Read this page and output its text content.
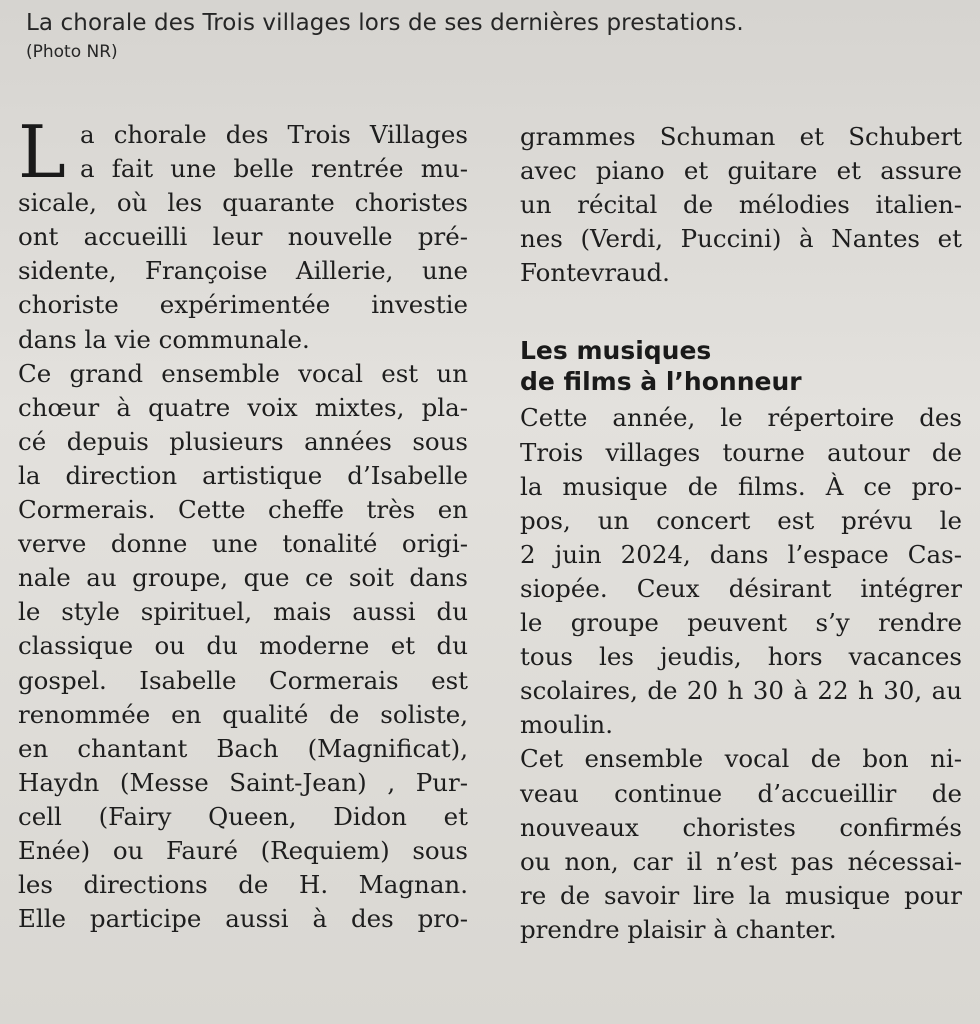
La chorale des Trois villages lors de ses dernières prestations.
(Photo NR)
L a chorale des Trois Villages
a fait une belle rentrée mu-
sicale, où les quarante choristes
ont accueilli leur nouvelle pré-
sidente, Françoise Aillerie, une
choriste expérimentée investie
dans la vie communale.
Ce grand ensemble vocal est un
chœur à quatre voix mixtes, pla-
cé depuis plusieurs années sous
la direction artistique d’Isabelle
Cormerais. Cette cheffe très en
verve donne une tonalité origi-
nale au groupe, que ce soit dans
le style spirituel, mais aussi du
classique ou du moderne et du
gospel. Isabelle Cormerais est
renommée en qualité de soliste,
en chantant Bach (Magnificat),
Haydn (Messe Saint-Jean) , Pur-
cell (Fairy Queen, Didon et
Enée) ou Fauré (Requiem) sous
les directions de H. Magnan.
Elle participe aussi à des pro-
grammes Schuman et Schubert
avec piano et guitare et assure
un récital de mélodies italien-
nes (Verdi, Puccini) à Nantes et
Fontevraud.
Les musiques
de films à l’honneur
Cette année, le répertoire des
Trois villages tourne autour de
la musique de films. À ce pro-
pos, un concert est prévu le
2 juin 2024, dans l’espace Cas-
siopée. Ceux désirant intégrer
le groupe peuvent s’y rendre
tous les jeudis, hors vacances
scolaires, de 20 h 30 à 22 h 30, au
moulin.
Cet ensemble vocal de bon ni-
veau continue d’accueillir de
nouveaux choristes confirmés
ou non, car il n’est pas nécessai-
re de savoir lire la musique pour
prendre plaisir à chanter.
